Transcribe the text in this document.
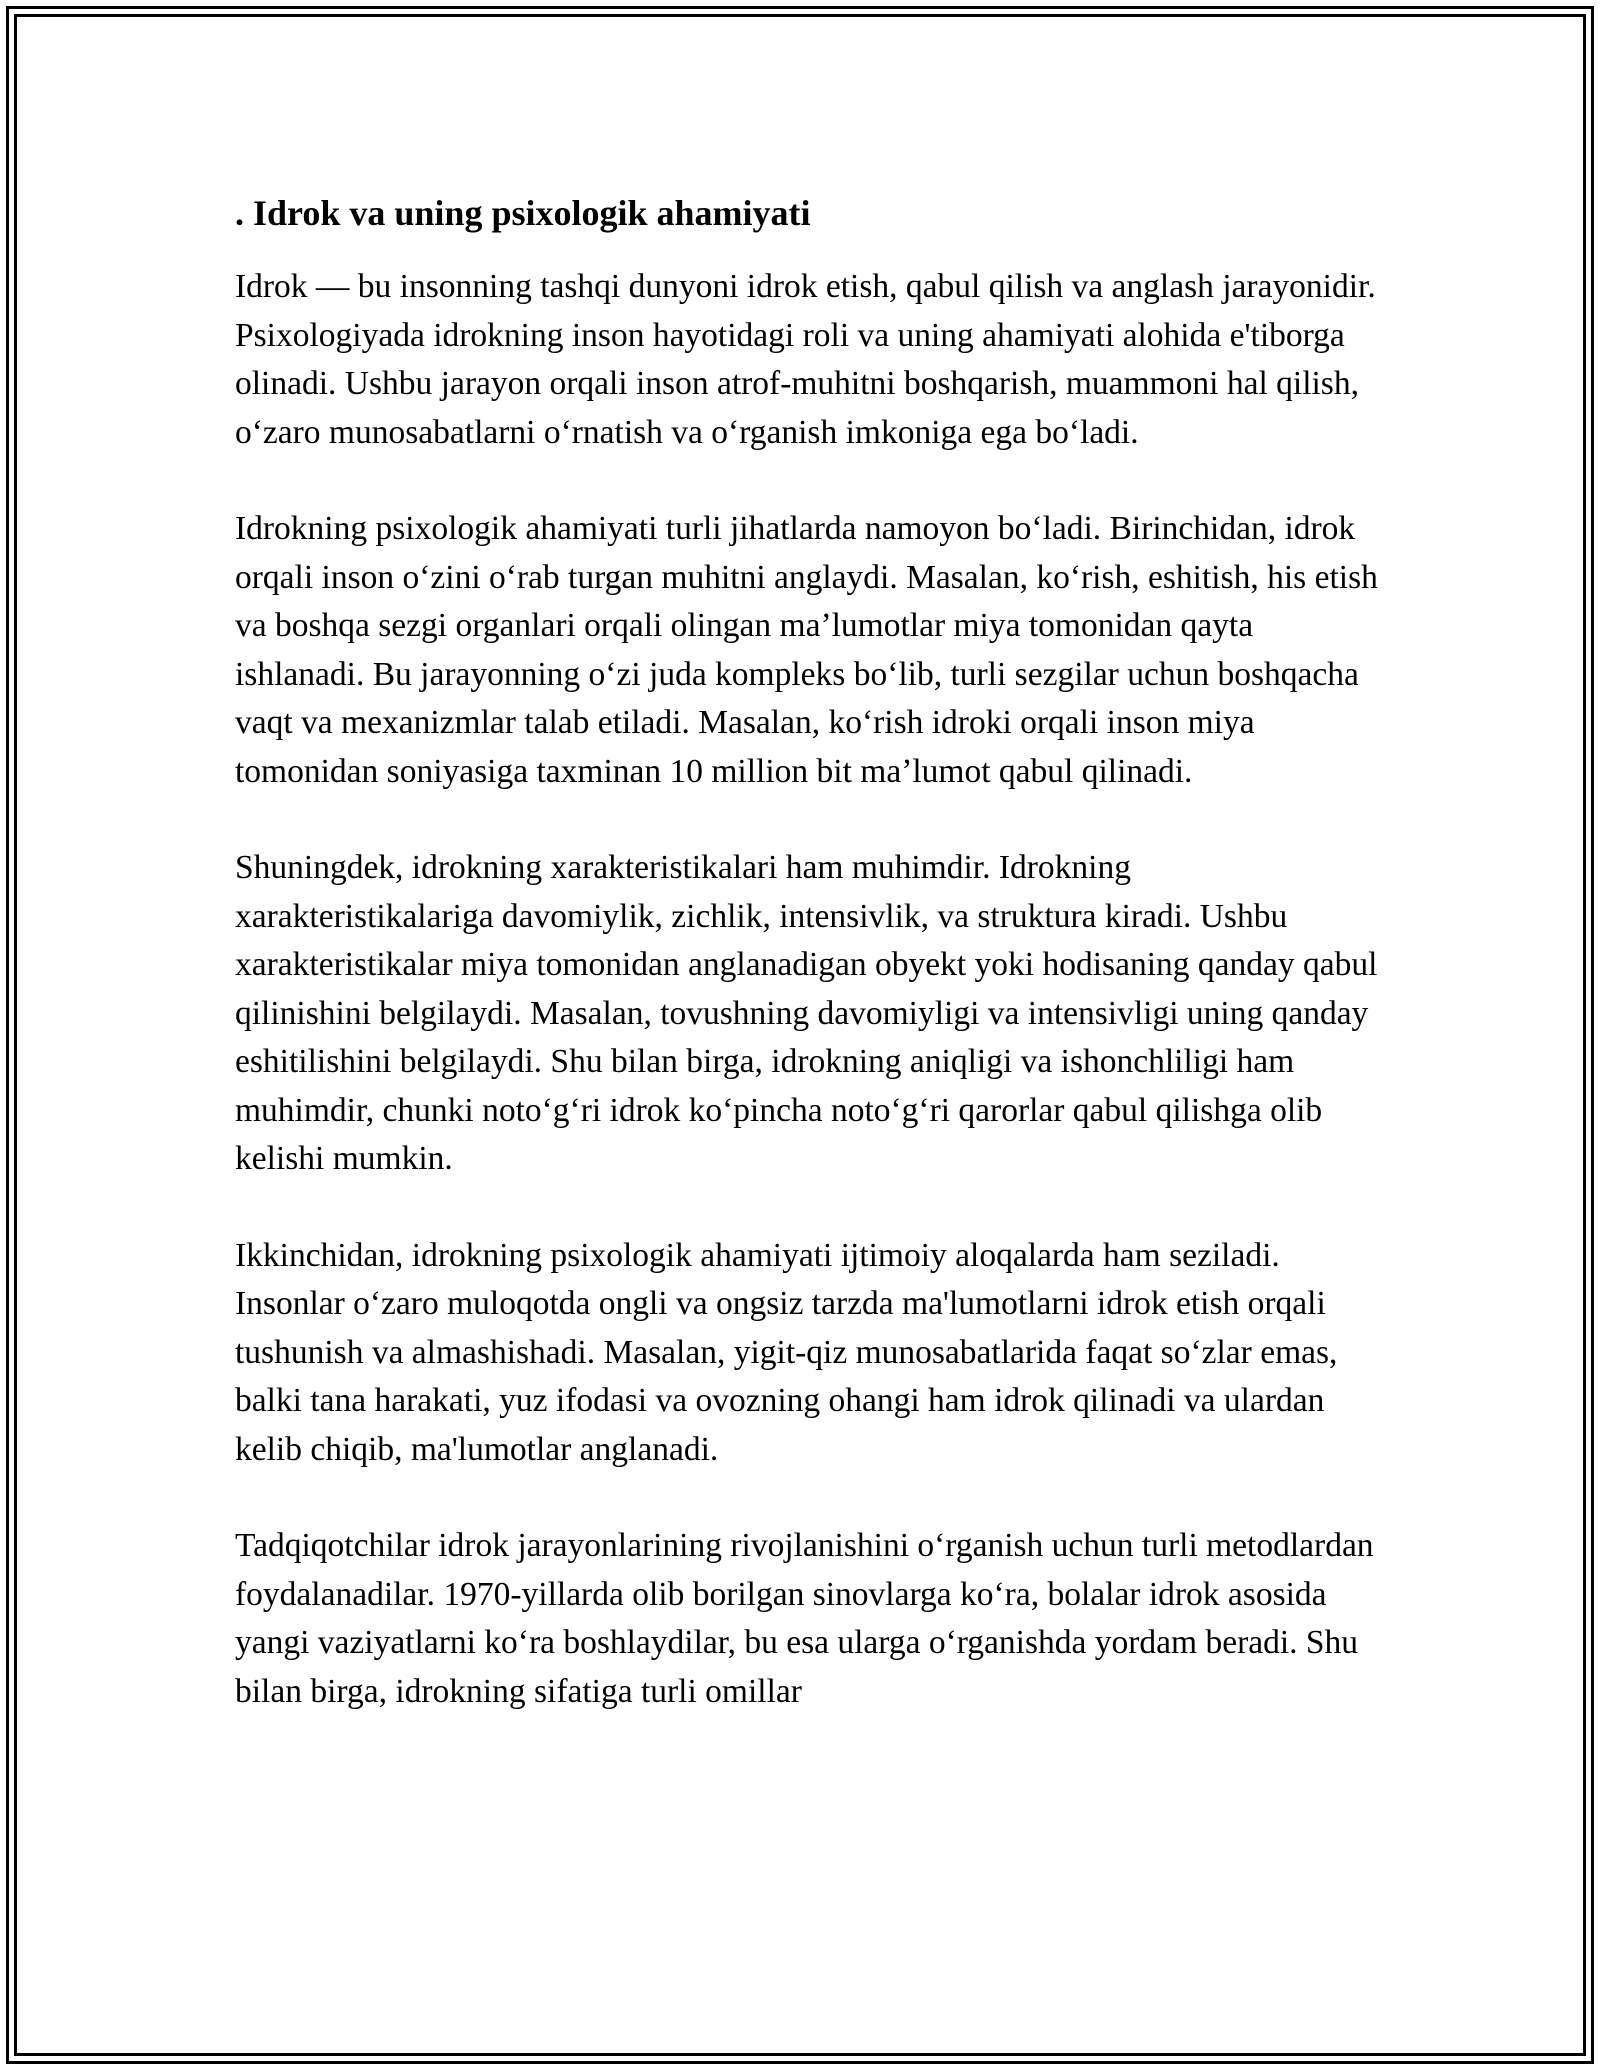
. Idrok va uning psixologik ahamiyati

Idrok — bu insonning tashqi dunyoni idrok etish, qabul qilish va anglash jarayonidir. Psixologiyada idrokning inson hayotidagi roli va uning ahamiyati alohida e'tiborga olinadi. Ushbu jarayon orqali inson atrof-muhitni boshqarish, muammoni hal qilish, oʻzaro munosabatlarni oʻrnatish va oʻrganish imkoniga ega boʻladi.

Idrokning psixologik ahamiyati turli jihatlarda namoyon boʻladi. Birinchidan, idrok orqali inson oʻzini oʻrab turgan muhitni anglaydi. Masalan, koʻrish, eshitish, his etish va boshqa sezgi organlari orqali olingan maʼlumotlar miya tomonidan qayta ishlanadi. Bu jarayonning oʻzi juda kompleks boʻlib, turli sezgilar uchun boshqacha vaqt va mexanizmlar talab etiladi. Masalan, koʻrish idroki orqali inson miya tomonidan soniyasiga taxminan 10 million bit maʼlumot qabul qilinadi.

Shuningdek, idrokning xarakteristikalari ham muhimdir. Idrokning xarakteristikalariga davomiylik, zichlik, intensivlik, va struktura kiradi. Ushbu xarakteristikalar miya tomonidan anglanadigan obyekt yoki hodisaning qanday qabul qilinishini belgilaydi. Masalan, tovushning davomiyligi va intensivligi uning qanday eshitilishini belgilaydi. Shu bilan birga, idrokning aniqligi va ishonchliligi ham muhimdir, chunki notoʻgʻri idrok koʻpincha notoʻgʻri qarorlar qabul qilishga olib kelishi mumkin.

Ikkinchidan, idrokning psixologik ahamiyati ijtimoiy aloqalarda ham seziladi. Insonlar oʻzaro muloqotda ongli va ongsiz tarzda ma'lumotlarni idrok etish orqali tushunish va almashishadi. Masalan, yigit-qiz munosabatlarida faqat soʻzlar emas, balki tana harakati, yuz ifodasi va ovozning ohangi ham idrok qilinadi va ulardan kelib chiqib, ma'lumotlar anglanadi.

Tadqiqotchilar idrok jarayonlarining rivojlanishini oʻrganish uchun turli metodlardan foydalanadilar. 1970-yillarda olib borilgan sinovlarga koʻra, bolalar idrok asosida yangi vaziyatlarni koʻra boshlaydilar, bu esa ularga oʻrganishda yordam beradi. Shu bilan birga, idrokning sifatiga turli omillar
